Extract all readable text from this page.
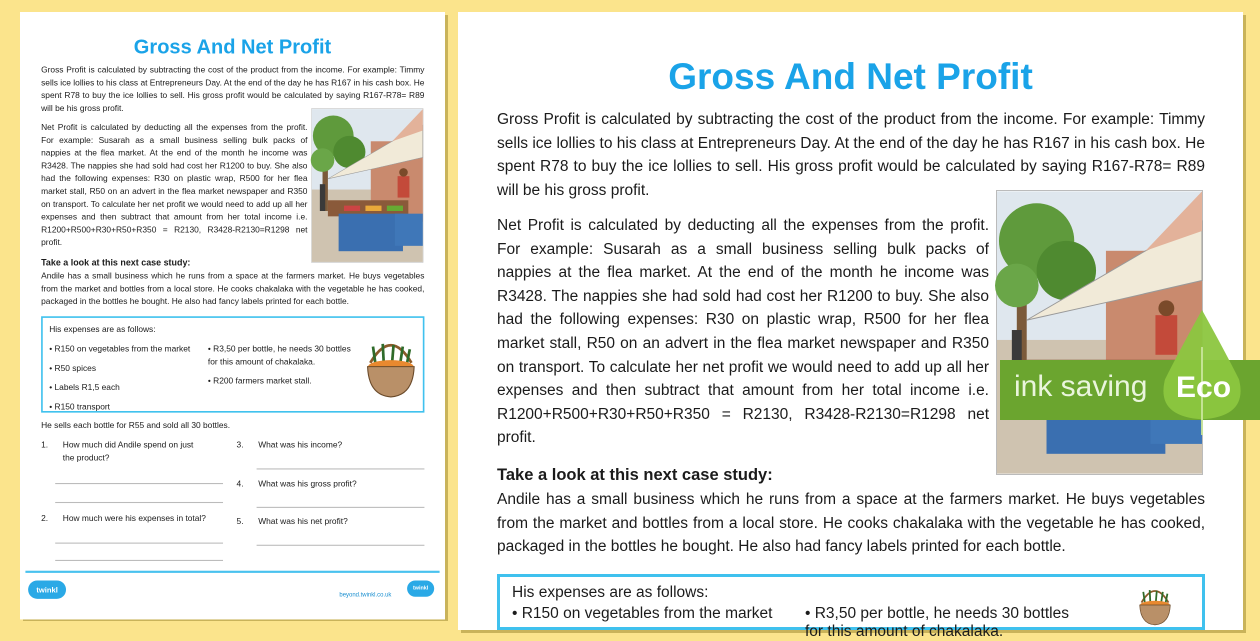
Gross And Net Profit

Gross Profit is calculated by subtracting the cost of the product from the income. For example: Timmy sells ice lollies to his class at Entrepreneurs Day. At the end of the day he has R167 in his cash box. He spent R78 to buy the ice lollies to sell. His gross profit would be calculated by saying R167-R78= R89 will be his gross profit.

Net Profit is calculated by deducting all the expenses from the profit. For example: Susarah as a small business selling bulk packs of nappies at the flea market. At the end of the month he income was R3428. The nappies she had sold had cost her R1200 to buy. She also had the following expenses: R30 on plastic wrap, R500 for her flea market stall, R50 on an advert in the flea market newspaper and R350 on transport. To calculate her net profit we would need to add up all her expenses and then subtract that amount from her total income i.e. R1200+R500+R30+R50+R350 = R2130, R3428-R2130=R1298 net profit.

Take a look at this next case study:

Andile has a small business which he runs from a space at the farmers market. He buys vegetables from the market and bottles from a local store. He cooks chakalaka with the vegetable he has cooked, packaged in the bottles he bought. He also had fancy labels printed for each bottle.

His expenses are as follows:
• R150 on vegetables from the market
• R50 spices
• Labels R1,5 each
• R150 transport
• R3,50 per bottle, he needs 30 bottles for this amount of chakalaka.
• R200 farmers market stall.
He sells each bottle for R55 and sold all 30 bottles.
1. How much did Andile spend on just the product?
2. How much were his expenses in total?
3. What was his income?
4. What was his gross profit?
5. What was his net profit?
twinkl
beyond.twinkl.co.uk
twinkl
Gross And Net Profit

Gross Profit is calculated by subtracting the cost of the product from the income. For example: Timmy sells ice lollies to his class at Entrepreneurs Day. At the end of the day he has R167 in his cash box. He spent R78 to buy the ice lollies to sell. His gross profit would be calculated by saying R167-R78= R89 will be his gross profit.

Net Profit is calculated by deducting all the expenses from the profit. For example: Susarah as a small business selling bulk packs of nappies at the flea market. At the end of the month he income was R3428. The nappies she had sold had cost her R1200 to buy. She also had the following expenses: R30 on plastic wrap, R500 for her flea market stall, R50 on an advert in the flea market newspaper and R350 on transport. To calculate her net profit we would need to add up all her expenses and then subtract that amount from her total income i.e. R1200+R500+R30+R50+R350 = R2130, R3428-R2130=R1298 net profit.

Take a look at this next case study:

Andile has a small business which he runs from a space at the farmers market. He buys vegetables from the market and bottles from a local store. He cooks chakalaka with the vegetable he has cooked, packaged in the bottles he bought. He also had fancy labels printed for each bottle.

His expenses are as follows:
• R150 on vegetables from the market	• R3,50 per bottle, he needs 30 bottles for this amount of chakalaka.
ink saving Eco
